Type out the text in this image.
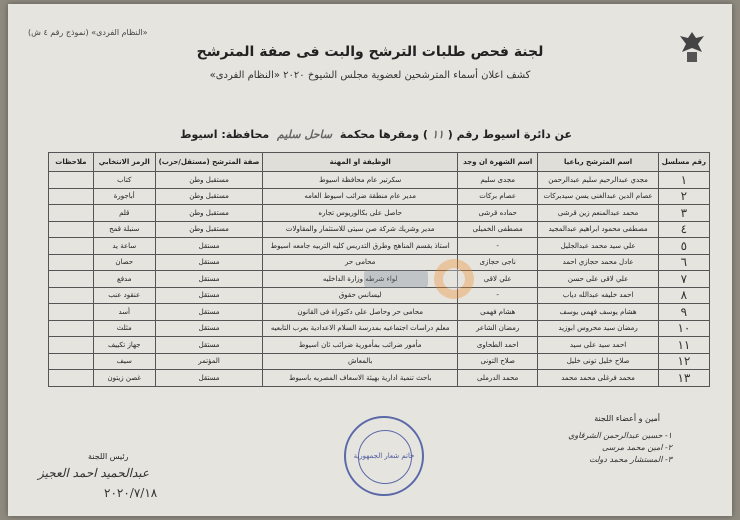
(نموذج رقم ٤ ش) «النظام الفردى»
لجنة فحص طلبات الترشح والبت فى صفة المترشح
كشف اعلان أسماء المترشحين لعضوية مجلس الشيوخ ٢٠٢٠ «النظام الفردى»
عن دائرة اسيوط رقم (١١) ومقرها محكمة ساحل سليم محافظة: اسيوط
رقم مسلسل	اسم المترشح رباعيا	اسم الشهرة ان وجد	الوظيفة او المهنة	صفة المترشح (مستقل/حزب)	الرمز الانتخابي	ملاحظات
١	مجدي عبدالرحيم سليم عبدالرحمن	مجدى سليم	سكرتير عام محافظة اسيوط	مستقبل وطن	كتاب	
٢	عصام الدين عبدالغنى يسن سيدبركات	عصام بركات	مدير عام منطقة ضرائب اسيوط العامه	مستقبل وطن	أباجورة	
٣	محمد عبدالمنعم زين قرشى	حماده قرشى	حاصل على بكالوريوس تجاره	مستقبل وطن	قلم	
٤	مصطفى محمود ابراهيم عبدالمجيد	مصطفى الخميلى	مدير وشريك شركة صن سيتى للاستثمار والمقاولات	مستقبل وطن	سنبلة قمح	
٥	علي سيد محمد عبدالجليل	-	استاذ بقسم المناهج وطرق التدريس كليه التربيه جامعه اسيوط	مستقل	ساعة يد	
٦	عادل محمد حجازي احمد	ناجى حجازى	محامى حر	مستقل	حصان	
٧	علي لاقى على حسن	علي لاقى	لواء شرطه وزارة الداخليه	مستقل	مدفع	
٨	احمد خليفه عبدالله دياب	-	ليسانس حقوق	مستقل	عنقود عنب	
٩	هشام يوسف فهمى يوسف	هشام فهمى	محامى حر وحاصل على دكتوراة فى القانون	مستقل	أسد	
١٠	رمضان سيد محروس ابوزيد	رمضان الشاعر	معلم دراسات اجتماعيه بمدرسة السلام الاعدادية بعرب التابعيه	مستقل	مثلث	
١١	احمد سيد على سيد	احمد الطحاوى	مأمور ضرائب بمأمورية ضرائب ثان اسيوط	مستقل	جهاز تكييف	
١٢	صلاح خليل تونى خليل	صلاح التونى	بالمعاش	المؤتمر	سيف	
١٣	محمد فرغلى محمد محمد	محمد الدرملى	باحث تنمية ادارية بهيئة الاسعاف المصريه باسيوط	مستقل	غصن زيتون	
أمين و أعضاء اللجنة
١- حسين عبدالرحمن الشرقاوي
٢- امين محمد مرسى
٣- المستشار محمد دولت
خاتم شعار الجمهورية
رئيس اللجنة
عبدالحميد احمد العجيز
٢٠٢٠/٧/١٨
